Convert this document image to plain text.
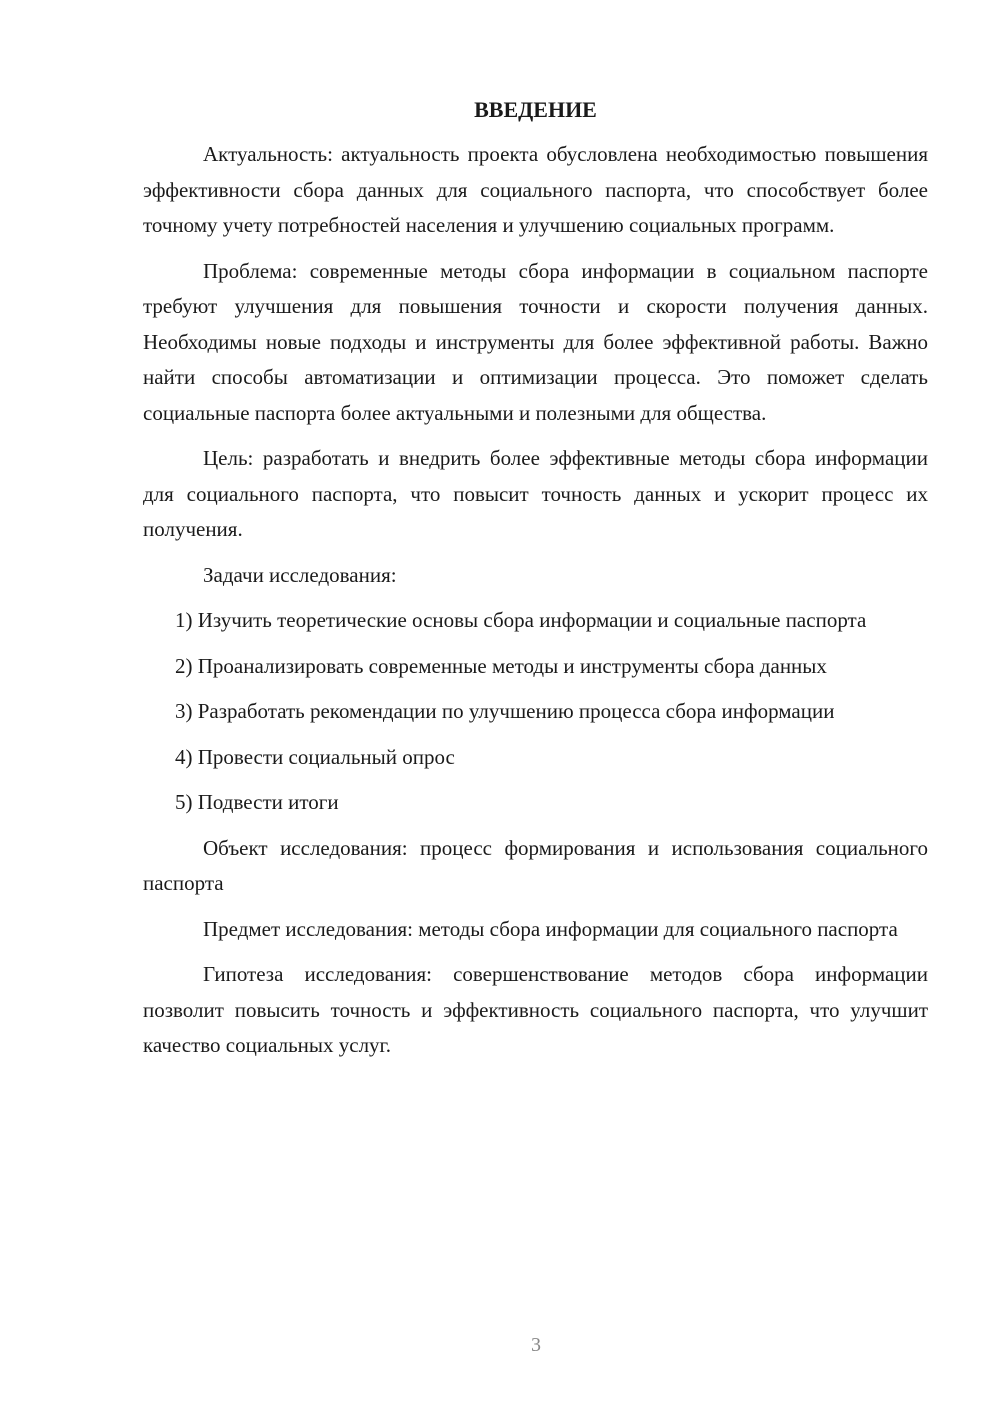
ВВЕДЕНИЕ

Актуальность: актуальность проекта обусловлена необходимостью повышения эффективности сбора данных для социального паспорта, что способствует более точному учету потребностей населения и улучшению социальных программ.

Проблема: современные методы сбора информации в социальном паспорте требуют улучшения для повышения точности и скорости получения данных. Необходимы новые подходы и инструменты для более эффективной работы. Важно найти способы автоматизации и оптимизации процесса. Это поможет сделать социальные паспорта более актуальными и полезными для общества.

Цель: разработать и внедрить более эффективные методы сбора информации для социального паспорта, что повысит точность данных и ускорит процесс их получения.

Задачи исследования:

1) Изучить теоретические основы сбора информации и социальные паспорта

2) Проанализировать современные методы и инструменты сбора данных

3) Разработать рекомендации по улучшению процесса сбора информации

4) Провести социальный опрос

5) Подвести итоги

Объект исследования: процесс формирования и использования социального паспорта

Предмет исследования: методы сбора информации для социального паспорта

Гипотеза исследования: совершенствование методов сбора информации позволит повысить точность и эффективность социального паспорта, что улучшит качество социальных услуг.

3
